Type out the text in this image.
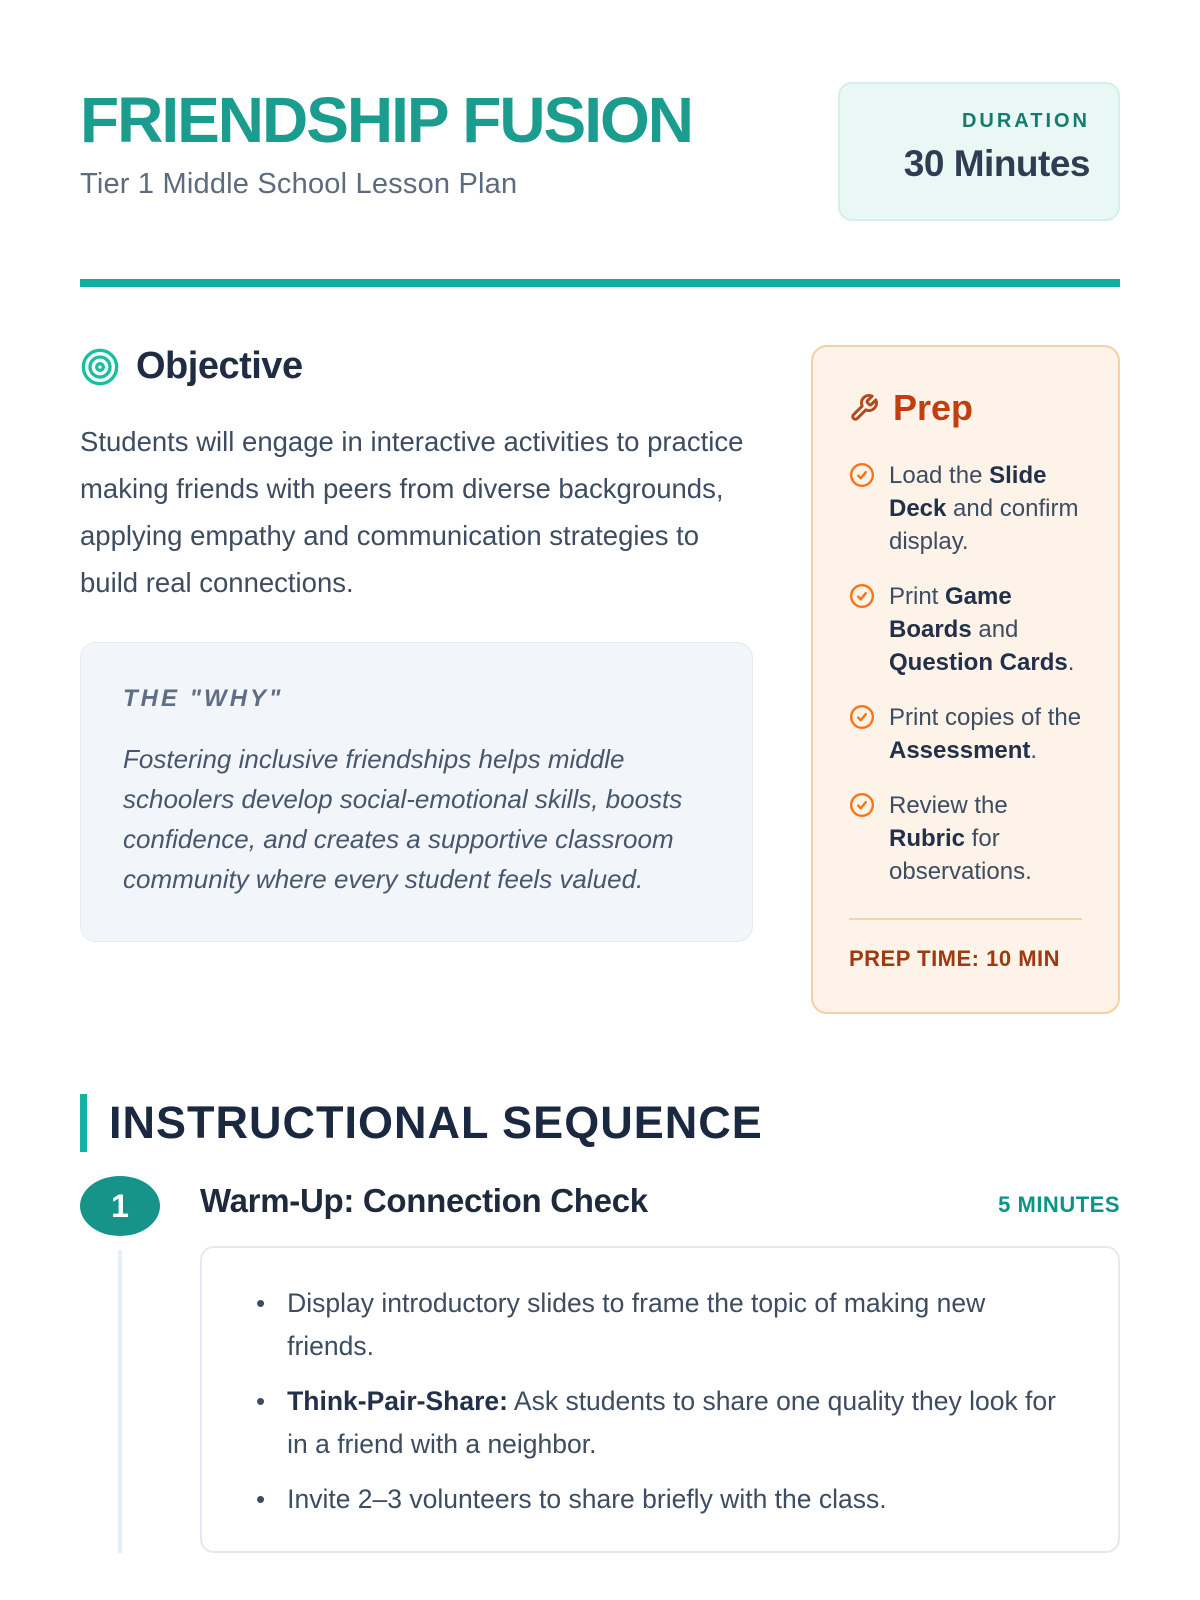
FRIENDSHIP FUSION
Tier 1 Middle School Lesson Plan
DURATION
30 Minutes
Objective

Students will engage in interactive activities to practice making friends with peers from diverse backgrounds, applying empathy and communication strategies to build real connections.

THE "WHY"

Fostering inclusive friendships helps middle schoolers develop social-emotional skills, boosts confidence, and creates a supportive classroom community where every student feels valued.

Prep
Load the Slide Deck and confirm display.
Print Game Boards and Question Cards.
Print copies of the Assessment.
Review the Rubric for observations.
PREP TIME: 10 MIN
INSTRUCTIONAL SEQUENCE
1	Warm-Up: Connection Check	5 MINUTES
• Display introductory slides to frame the topic of making new friends.
• Think-Pair-Share: Ask students to share one quality they look for in a friend with a neighbor.
• Invite 2–3 volunteers to share briefly with the class.
